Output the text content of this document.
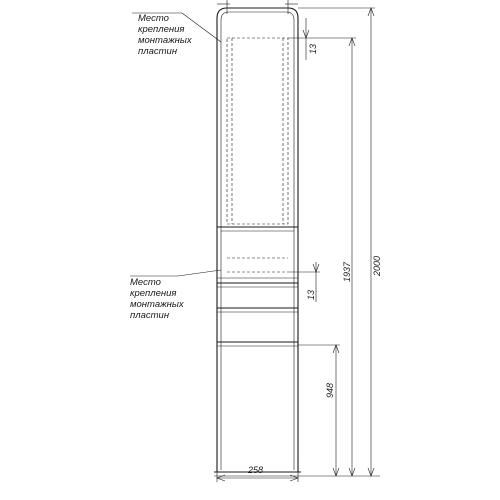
13
13
948
1937 2000
258
Место
крепления
монтажных
пластин
Место
крепления
монтажных
пластин
